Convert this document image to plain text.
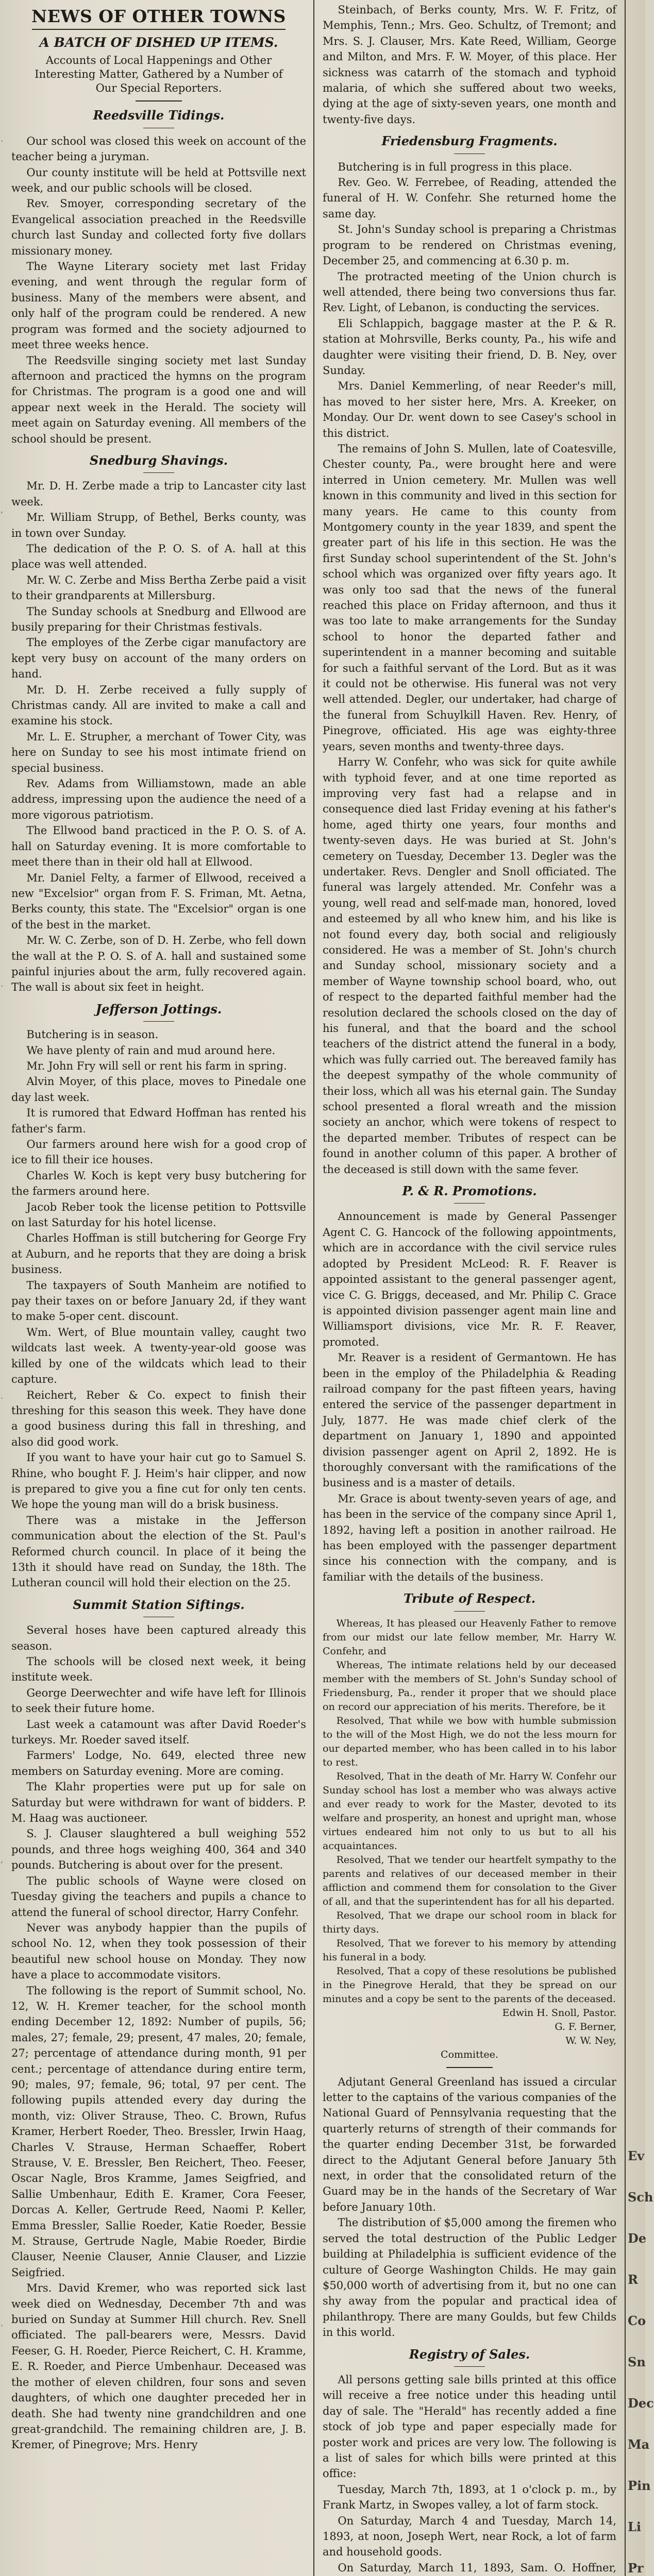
.
,
.
.
,
.
NEWS OF OTHER TOWNS
A BATCH OF DISHED UP ITEMS.
Accounts of Local Happenings and Other Interesting Matter, Gathered by a Number of Our Special Reporters.
Reedsville Tidings.

Our school was closed this week on account of the teacher being a juryman.

Our county institute will be held at Pottsville next week, and our public schools will be closed.

Rev. Smoyer, corresponding secretary of the Evangelical association preached in the Reedsville church last Sunday and collected forty five dollars missionary money.

The Wayne Literary society met last Friday evening, and went through the regular form of business. Many of the members were absent, and only half of the program could be rendered. A new program was formed and the society adjourned to meet three weeks hence.

The Reedsville singing society met last Sunday afternoon and practiced the hymns on the program for Christmas. The program is a good one and will appear next week in the Herald. The society will meet again on Saturday evening. All members of the school should be present.

Snedburg Shavings.

Mr. D. H. Zerbe made a trip to Lancaster city last week.

Mr. William Strupp, of Bethel, Berks county, was in town over Sunday.

The dedication of the P. O. S. of A. hall at this place was well attended.

Mr. W. C. Zerbe and Miss Bertha Zerbe paid a visit to their grandparents at Millersburg.

The Sunday schools at Snedburg and Ellwood are busily preparing for their Christmas festivals.

The employes of the Zerbe cigar manufactory are kept very busy on account of the many orders on hand.

Mr. D. H. Zerbe received a fully supply of Christmas candy. All are invited to make a call and examine his stock.

Mr. L. E. Strupher, a merchant of Tower City, was here on Sunday to see his most intimate friend on special business.

Rev. Adams from Williamstown, made an able address, impressing upon the audience the need of a more vigorous patriotism.

The Ellwood band practiced in the P. O. S. of A. hall on Saturday evening. It is more comfortable to meet there than in their old hall at Ellwood.

Mr. Daniel Felty, a farmer of Ellwood, received a new "Excelsior" organ from F. S. Friman, Mt. Aetna, Berks county, this state. The "Excelsior" organ is one of the best in the market.

Mr. W. C. Zerbe, son of D. H. Zerbe, who fell down the wall at the P. O. S. of A. hall and sustained some painful injuries about the arm, fully recovered again. The wall is about six feet in height.

Jefferson Jottings.

Butchering is in season.

We have plenty of rain and mud around here.

Mr. John Fry will sell or rent his farm in spring.

Alvin Moyer, of this place, moves to Pinedale one day last week.

It is rumored that Edward Hoffman has rented his father's farm.

Our farmers around here wish for a good crop of ice to fill their ice houses.

Charles W. Koch is kept very busy butchering for the farmers around here.

Jacob Reber took the license petition to Pottsville on last Saturday for his hotel license.

Charles Hoffman is still butchering for George Fry at Auburn, and he reports that they are doing a brisk business.

The taxpayers of South Manheim are notified to pay their taxes on or before January 2d, if they want to make 5-oper cent. discount.

Wm. Wert, of Blue mountain valley, caught two wildcats last week. A twenty-year-old goose was killed by one of the wildcats which lead to their capture.

Reichert, Reber & Co. expect to finish their threshing for this season this week. They have done a good business during this fall in threshing, and also did good work.

If you want to have your hair cut go to Samuel S. Rhine, who bought F. J. Heim's hair clipper, and now is prepared to give you a fine cut for only ten cents. We hope the young man will do a brisk business.

There was a mistake in the Jefferson communication about the election of the St. Paul's Reformed church council. In place of it being the 13th it should have read on Sunday, the 18th. The Lutheran council will hold their election on the 25.

Summit Station Siftings.

Several hoses have been captured already this season.

The schools will be closed next week, it being institute week.

George Deerwechter and wife have left for Illinois to seek their future home.

Last week a catamount was after David Roeder's turkeys. Mr. Roeder saved itself.

Farmers' Lodge, No. 649, elected three new members on Saturday evening. More are coming.

The Klahr properties were put up for sale on Saturday but were withdrawn for want of bidders. P. M. Haag was auctioneer.

S. J. Clauser slaughtered a bull weighing 552 pounds, and three hogs weighing 400, 364 and 340 pounds. Butchering is about over for the present.

The public schools of Wayne were closed on Tuesday giving the teachers and pupils a chance to attend the funeral of school director, Harry Confehr.

Never was anybody happier than the pupils of school No. 12, when they took possession of their beautiful new school house on Monday. They now have a place to accommodate visitors.

The following is the report of Summit school, No. 12, W. H. Kremer teacher, for the school month ending December 12, 1892: Number of pupils, 56; males, 27; female, 29; present, 47 males, 20; female, 27; percentage of attendance during month, 91 per cent.; percentage of attendance during entire term, 90; males, 97; female, 96; total, 97 per cent. The following pupils attended every day during the month, viz: Oliver Strause, Theo. C. Brown, Rufus Kramer, Herbert Roeder, Theo. Bressler, Irwin Haag, Charles V. Strause, Herman Schaeffer, Robert Strause, V. E. Bressler, Ben Reichert, Theo. Feeser, Oscar Nagle, Bros Kramme, James Seigfried, and Sallie Umbenhaur, Edith E. Kramer, Cora Feeser, Dorcas A. Keller, Gertrude Reed, Naomi P. Keller, Emma Bressler, Sallie Roeder, Katie Roeder, Bessie M. Strause, Gertrude Nagle, Mabie Roeder, Birdie Clauser, Neenie Clauser, Annie Clauser, and Lizzie Seigfried.

Mrs. David Kremer, who was reported sick last week died on Wednesday, December 7th and was buried on Sunday at Summer Hill church. Rev. Snell officiated. The pall-bearers were, Messrs. David Feeser, G. H. Roeder, Pierce Reichert, C. H. Kramme, E. R. Roeder, and Pierce Umbenhaur. Deceased was the mother of eleven children, four sons and seven daughters, of which one daughter preceded her in death. She had twenty nine grandchildren and one great-grandchild. The remaining children are, J. B. Kremer, of Pinegrove; Mrs. Henry

Steinbach, of Berks county, Mrs. W. F. Fritz, of Memphis, Tenn.; Mrs. Geo. Schultz, of Tremont; and Mrs. S. J. Clauser, Mrs. Kate Reed, William, George and Milton, and Mrs. F. W. Moyer, of this place. Her sickness was catarrh of the stomach and typhoid malaria, of which she suffered about two weeks, dying at the age of sixty-seven years, one month and twenty-five days.

Friedensburg Fragments.

Butchering is in full progress in this place.

Rev. Geo. W. Ferrebee, of Reading, attended the funeral of H. W. Confehr. She returned home the same day.

St. John's Sunday school is preparing a Christmas program to be rendered on Christmas evening, December 25, and commencing at 6.30 p. m.

The protracted meeting of the Union church is well attended, there being two conversions thus far. Rev. Light, of Lebanon, is conducting the services.

Eli Schlappich, baggage master at the P. & R. station at Mohrsville, Berks county, Pa., his wife and daughter were visiting their friend, D. B. Ney, over Sunday.

Mrs. Daniel Kemmerling, of near Reeder's mill, has moved to her sister here, Mrs. A. Kreeker, on Monday. Our Dr. went down to see Casey's school in this district.

The remains of John S. Mullen, late of Coatesville, Chester county, Pa., were brought here and were interred in Union cemetery. Mr. Mullen was well known in this community and lived in this section for many years. He came to this county from Montgomery county in the year 1839, and spent the greater part of his life in this section. He was the first Sunday school superintendent of the St. John's school which was organized over fifty years ago. It was only too sad that the news of the funeral reached this place on Friday afternoon, and thus it was too late to make arrangements for the Sunday school to honor the departed father and superintendent in a manner becoming and suitable for such a faithful servant of the Lord. But as it was it could not be otherwise. His funeral was not very well attended. Degler, our undertaker, had charge of the funeral from Schuylkill Haven. Rev. Henry, of Pinegrove, officiated. His age was eighty-three years, seven months and twenty-three days.

Harry W. Confehr, who was sick for quite awhile with typhoid fever, and at one time reported as improving very fast had a relapse and in consequence died last Friday evening at his father's home, aged thirty one years, four months and twenty-seven days. He was buried at St. John's cemetery on Tuesday, December 13. Degler was the undertaker. Revs. Dengler and Snoll officiated. The funeral was largely attended. Mr. Confehr was a young, well read and self-made man, honored, loved and esteemed by all who knew him, and his like is not found every day, both social and religiously considered. He was a member of St. John's church and Sunday school, missionary society and a member of Wayne township school board, who, out of respect to the departed faithful member had the resolution declared the schools closed on the day of his funeral, and that the board and the school teachers of the district attend the funeral in a body, which was fully carried out. The bereaved family has the deepest sympathy of the whole community of their loss, which all was his eternal gain. The Sunday school presented a floral wreath and the mission society an anchor, which were tokens of respect to the departed member. Tributes of respect can be found in another column of this paper. A brother of the deceased is still down with the same fever.

P. & R. Promotions.

Announcement is made by General Passenger Agent C. G. Hancock of the following appointments, which are in accordance with the civil service rules adopted by President McLeod: R. F. Reaver is appointed assistant to the general passenger agent, vice C. G. Briggs, deceased, and Mr. Philip C. Grace is appointed division passenger agent main line and Williamsport divisions, vice Mr. R. F. Reaver, promoted.

Mr. Reaver is a resident of Germantown. He has been in the employ of the Philadelphia & Reading railroad company for the past fifteen years, having entered the service of the passenger department in July, 1877. He was made chief clerk of the department on January 1, 1890 and appointed division passenger agent on April 2, 1892. He is thoroughly conversant with the ramifications of the business and is a master of details.

Mr. Grace is about twenty-seven years of age, and has been in the service of the company since April 1, 1892, having left a position in another railroad. He has been employed with the passenger department since his connection with the company, and is familiar with the details of the business.

Tribute of Respect.

Whereas, It has pleased our Heavenly Father to remove from our midst our late fellow member, Mr. Harry W. Confehr, and

Whereas, The intimate relations held by our deceased member with the members of St. John's Sunday school of Friedensburg, Pa., render it proper that we should place on record our appreciation of his merits. Therefore, be it

Resolved, That while we bow with humble submission to the will of the Most High, we do not the less mourn for our departed member, who has been called in to his labor to rest.

Resolved, That in the death of Mr. Harry W. Confehr our Sunday school has lost a member who was always active and ever ready to work for the Master, devoted to its welfare and prosperity, an honest and upright man, whose virtues endeared him not only to us but to all his acquaintances.

Resolved, That we tender our heartfelt sympathy to the parents and relatives of our deceased member in their affliction and commend them for consolation to the Giver of all, and that the superintendent has for all his departed.

Resolved, That we drape our school room in black for thirty days.

Resolved, That we forever to his memory by attending his funeral in a body.

Resolved, That a copy of these resolutions be published in the Pinegrove Herald, that they be spread on our minutes and a copy be sent to the parents of the deceased.

Edwin H. Snoll, Pastor.
G. F. Berner,
W. W. Ney,
Committee.

Adjutant General Greenland has issued a circular letter to the captains of the various companies of the National Guard of Pennsylvania requesting that the quarterly returns of strength of their commands for the quarter ending December 31st, be forwarded direct to the Adjutant General before January 5th next, in order that the consolidated return of the Guard may be in the hands of the Secretary of War before January 10th.

The distribution of $5,000 among the firemen who served the total destruction of the Public Ledger building at Philadelphia is sufficient evidence of the culture of George Washington Childs. He may gain $50,000 worth of advertising from it, but no one can shy away from the popular and practical idea of philanthropy. There are many Goulds, but few Childs in this world.

Registry of Sales.

All persons getting sale bills printed at this office will receive a free notice under this heading until day of sale. The "Herald" has recently added a fine stock of job type and paper especially made for poster work and prices are very low. The following is a list of sales for which bills were printed at this office:

Tuesday, March 7th, 1893, at 1 o'clock p. m., by Frank Martz, in Swopes valley, a lot of farm stock.

On Saturday, March 4 and Tuesday, March 14, 1893, at noon, Joseph Wert, near Rock, a lot of farm and household goods.

On Saturday, March 11, 1893, Sam. O. Hoffner,

Ev
Sch
De
R
Co
Sn
Dec
Ma
Pin
Li
Pr
